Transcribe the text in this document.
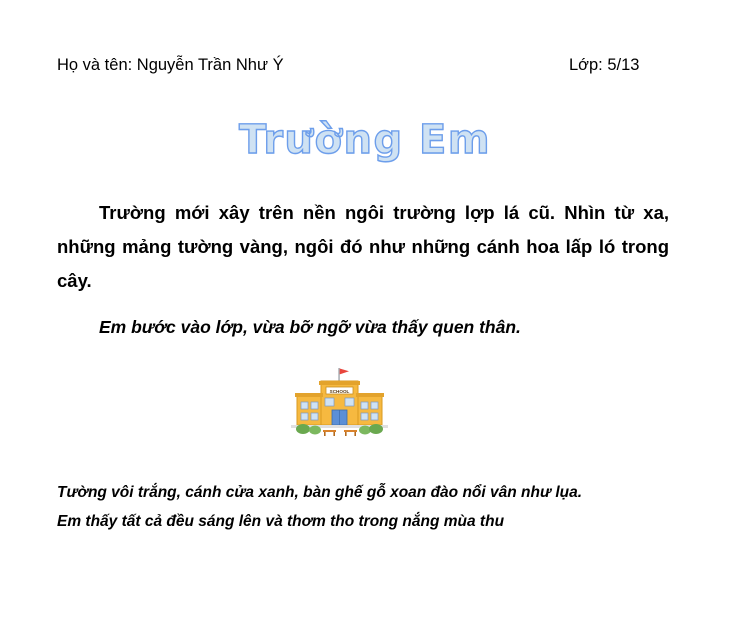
Họ và tên: Nguyễn Trần Như Ý	Lớp: 5/13
Trường Em
Trường mới xây trên nền ngôi trường lợp lá cũ. Nhìn từ xa, những mảng tường vàng, ngôi đó như những cánh hoa lấp ló trong cây.
Em bước vào lớp, vừa bỡ ngỡ vừa thấy quen thân.
SCHOOL
Tường vôi trắng, cánh cửa xanh, bàn ghế gỗ xoan đào nổi vân như lụa.
Em thấy tất cả đều sáng lên và thơm tho trong nắng mùa thu
